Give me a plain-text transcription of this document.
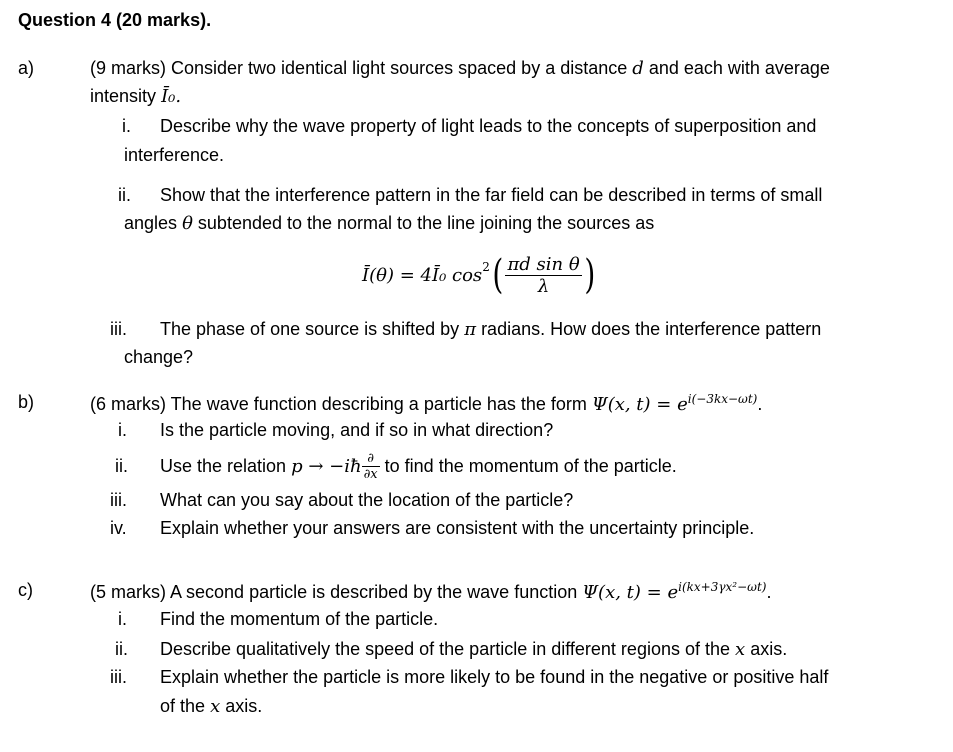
Question 4 (20 marks).
a)	(9 marks) Consider two identical light sources spaced by a distance d and each with average
intensity Ī₀.
i. Describe why the wave property of light leads to the concepts of superposition and
interference.
ii. Show that the interference pattern in the far field can be described in terms of small
angles θ subtended to the normal to the line joining the sources as
Ī(θ) = 4Ī₀ $\cos^2$ ( $\frac{\text{πd sin θ}}{\lambda}$ )
iii. The phase of one source is shifted by π radians. How does the interference pattern
change?
b)	(6 marks) The wave function describing a particle has the form Ψ(x, $t) = e^{i(-3kx-\omega t)}$.
i. Is the particle moving, and if so in what direction?
ii. Use the relation
p → −iħ $\frac{\partial}{\partial x}$
to find the momentum of the particle.
iii. What can you say about the location of the particle?
iv. Explain whether your answers are consistent with the uncertainty principle.
c)	(5 marks) A second particle is described by the wave function Ψ(x, $t) = e^{i(kx+3\gamma x^2-\omega t)}$.
i. Find the momentum of the particle.
ii. Describe qualitatively the speed of the particle in different regions of the x axis.
iii. Explain whether the particle is more likely to be found in the negative or positive half
of the x axis.
